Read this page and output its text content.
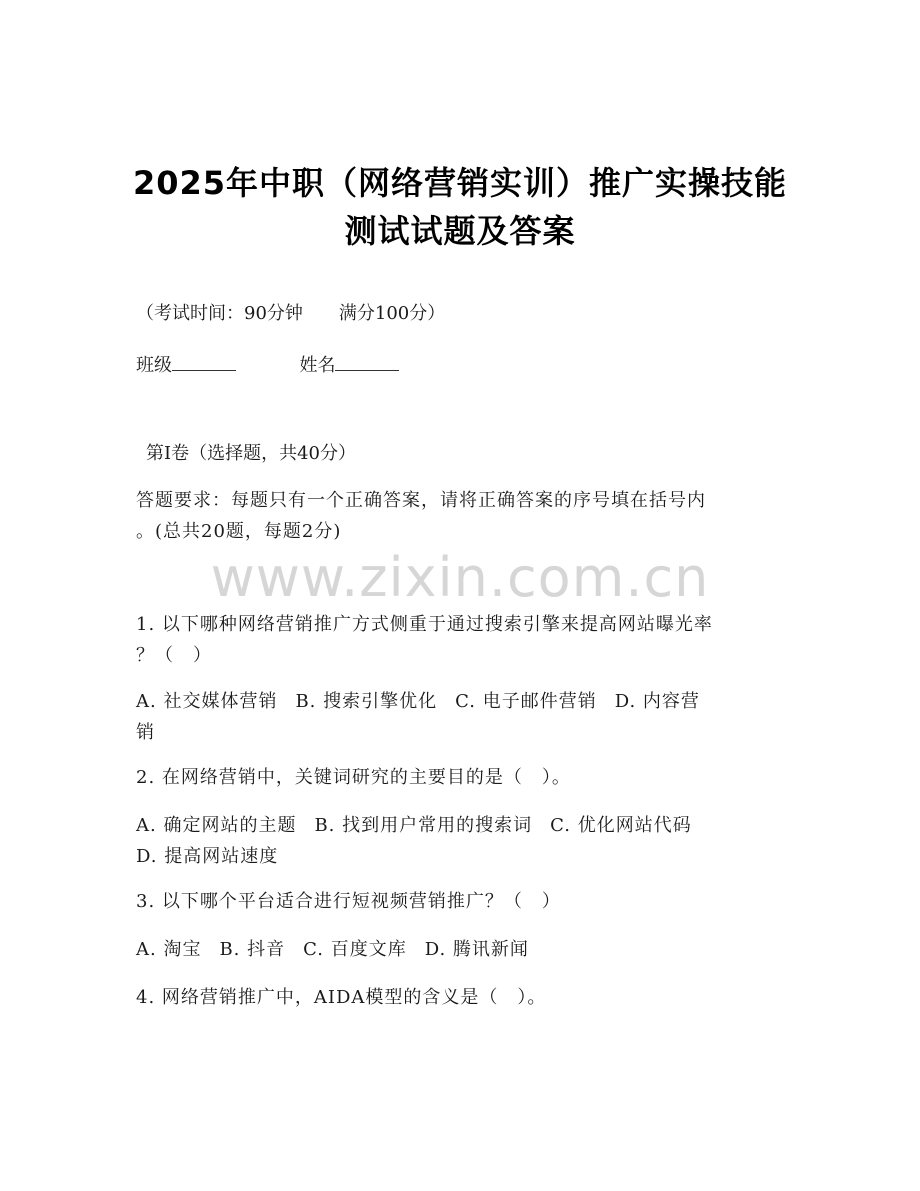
2025年中职（网络营销实训）推广实操技能
测试试题及答案
（考试时间：90分钟　　满分100分）
班级	姓名
第Ⅰ卷（选择题，共40分）
答题要求：每题只有一个正确答案，请将正确答案的序号填在括号内
。(总共20题，每题2分)
www.zixin.com.cn
1. 以下哪种网络营销推广方式侧重于通过搜索引擎来提高网站曝光率
？（　）
A. 社交媒体营销 B. 搜索引擎优化 C. 电子邮件营销 D. 内容营
销
2. 在网络营销中，关键词研究的主要目的是（　）。
A. 确定网站的主题 B. 找到用户常用的搜索词 C. 优化网站代码
D. 提高网站速度
3. 以下哪个平台适合进行短视频营销推广？（　）
A. 淘宝 B. 抖音 C. 百度文库 D. 腾讯新闻
4. 网络营销推广中，AIDA模型的含义是（　）。
